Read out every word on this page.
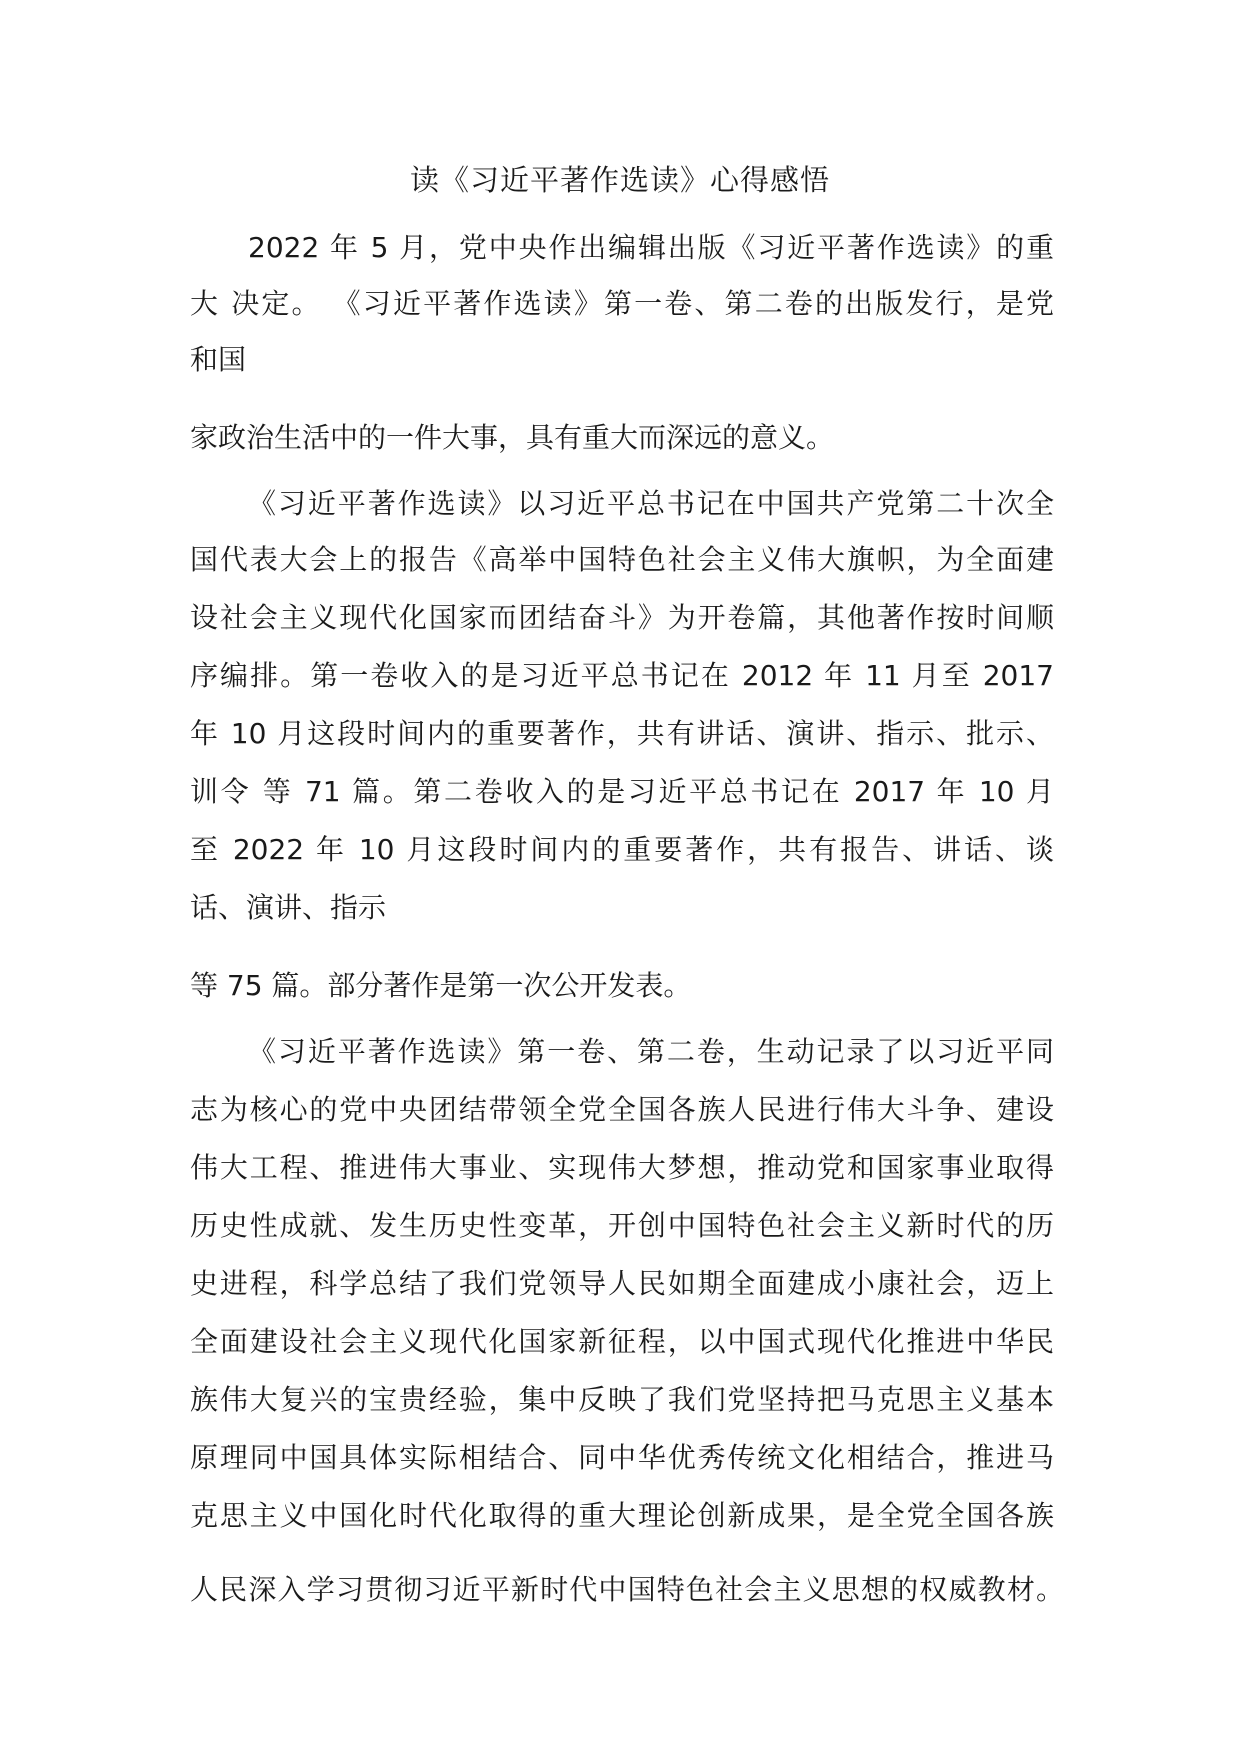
读《习近平著作选读》心得感悟
2022 年 5 月，党中央作出编辑出版《习近平著作选读》的重
大 决定。 《习近平著作选读》第一卷、第二卷的出版发行，是党
和国
家政治生活中的一件大事，具有重大而深远的意义。
《习近平著作选读》以习近平总书记在中国共产党第二十次全
国代表大会上的报告《高举中国特色社会主义伟大旗帜，为全面建
设社会主义现代化国家而团结奋斗》为开卷篇，其他著作按时间顺
序编排。第一卷收入的是习近平总书记在 2012 年 11 月至 2017
年 10 月这段时间内的重要著作，共有讲话、演讲、指示、批示、
训令 等 71 篇。第二卷收入的是习近平总书记在 2017 年 10 月
至 2022 年 10 月这段时间内的重要著作，共有报告、讲话、谈
话、演讲、指示
等 75 篇。部分著作是第一次公开发表。
《习近平著作选读》第一卷、第二卷，生动记录了以习近平同
志为核心的党中央团结带领全党全国各族人民进行伟大斗争、建设
伟大工程、推进伟大事业、实现伟大梦想，推动党和国家事业取得
历史性成就、发生历史性变革，开创中国特色社会主义新时代的历
史进程，科学总结了我们党领导人民如期全面建成小康社会，迈上
全面建设社会主义现代化国家新征程，以中国式现代化推进中华民
族伟大复兴的宝贵经验，集中反映了我们党坚持把马克思主义基本
原理同中国具体实际相结合、同中华优秀传统文化相结合，推进马
克思主义中国化时代化取得的重大理论创新成果，是全党全国各族
人民深入学习贯彻习近平新时代中国特色社会主义思想的权威教材。
